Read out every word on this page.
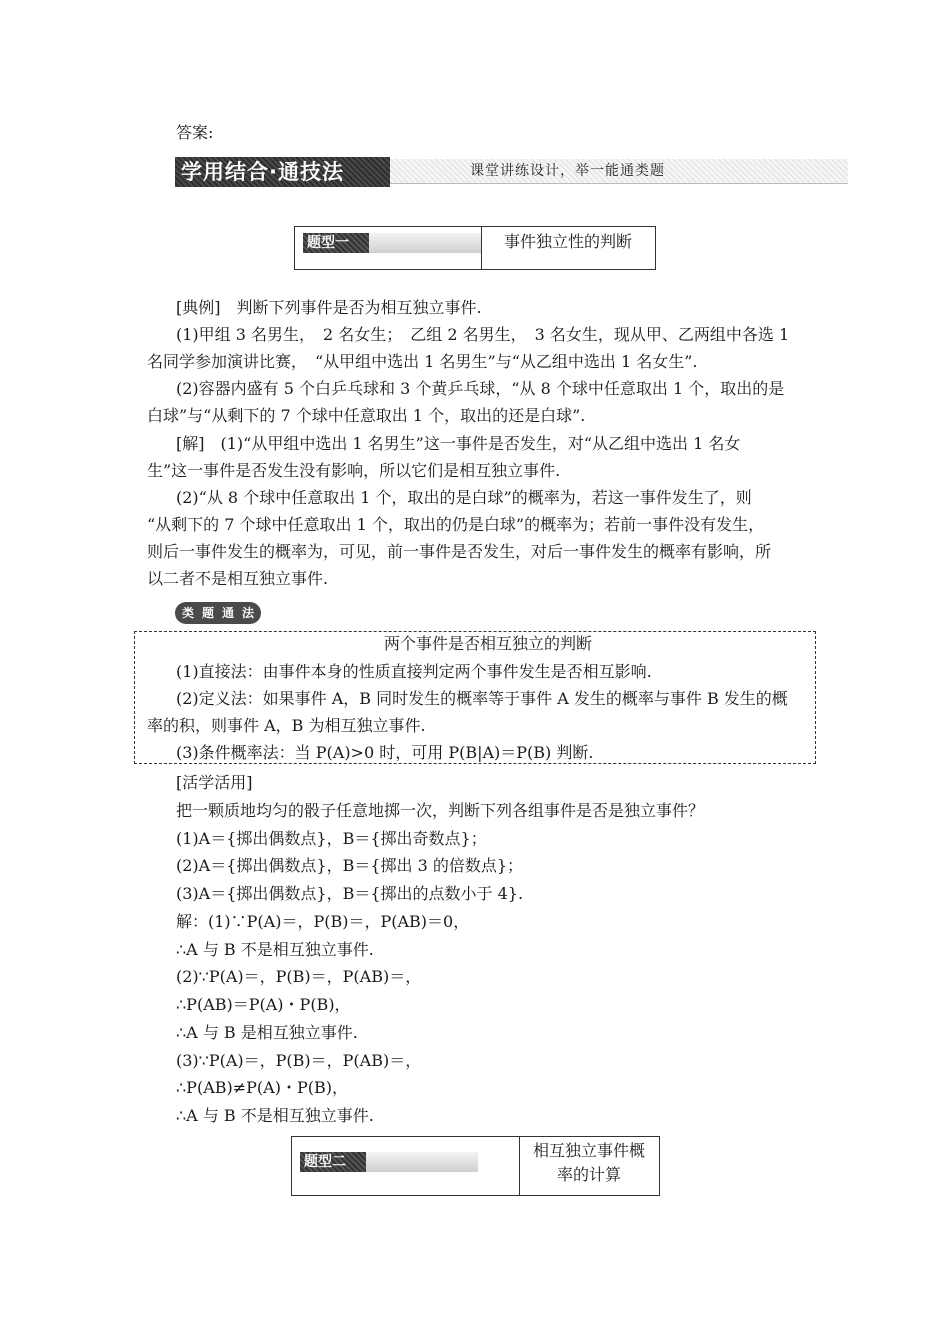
答案:
学用结合·通技法	课堂讲练设计，举一能通类题
题型一	事件独立性的判断
[典例]　判断下列事件是否为相互独立事件.
(1)甲组 3 名男生，　2 名女生；　乙组 2 名男生，　3 名女生，现从甲、乙两组中各选 1
名同学参加演讲比赛，　“从甲组中选出 1 名男生”与“从乙组中选出 1 名女生”.
(2)容器内盛有 5 个白乒乓球和 3 个黄乒乓球，“从 8 个球中任意取出 1 个，取出的是
白球”与“从剩下的 7 个球中任意取出 1 个，取出的还是白球”.
[解]　(1)“从甲组中选出 1 名男生”这一事件是否发生，对“从乙组中选出 1 名女
生”这一事件是否发生没有影响，所以它们是相互独立事件.
(2)“从 8 个球中任意取出 1 个，取出的是白球”的概率为，若这一事件发生了，则
“从剩下的 7 个球中任意取出 1 个，取出的仍是白球”的概率为；若前一事件没有发生，
则后一事件发生的概率为，可见，前一事件是否发生，对后一事件发生的概率有影响，所
以二者不是相互独立事件.
类 题 通 法
两个事件是否相互独立的判断
(1)直接法：由事件本身的性质直接判定两个事件发生是否相互影响.
(2)定义法：如果事件 A，B 同时发生的概率等于事件 A 发生的概率与事件 B 发生的概
率的积，则事件 A，B 为相互独立事件.
(3)条件概率法：当 P(A)>0 时，可用 P(B|A)＝P(B) 判断.
[活学活用]
把一颗质地均匀的骰子任意地掷一次，判断下列各组事件是否是独立事件？
(1)A＝{掷出偶数点}，B＝{掷出奇数点}；
(2)A＝{掷出偶数点}，B＝{掷出 3 的倍数点}；
(3)A＝{掷出偶数点}，B＝{掷出的点数小于 4}.
解：(1)∵P(A)＝，P(B)＝，P(AB)＝0，
∴A 与 B 不是相互独立事件.
(2)∵P(A)＝，P(B)＝，P(AB)＝，
∴P(AB)＝P(A)・P(B)，
∴A 与 B 是相互独立事件.
(3)∵P(A)＝，P(B)＝，P(AB)＝，
∴P(AB)≠P(A)・P(B)，
∴A 与 B 不是相互独立事件.
题型二
相互独立事件概
率的计算
